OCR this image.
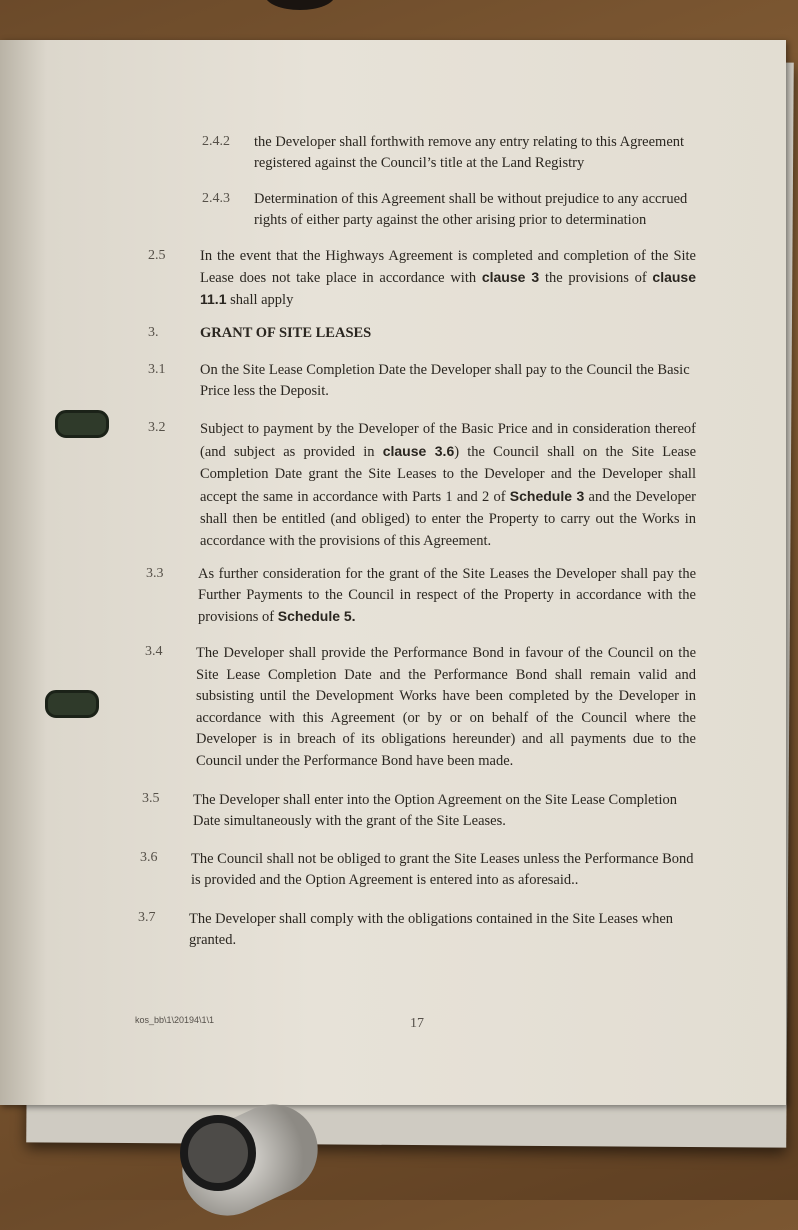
2.4.2 the Developer shall forthwith remove any entry relating to this Agreement registered against the Council’s title at the Land Registry
2.4.3 Determination of this Agreement shall be without prejudice to any accrued rights of either party against the other arising prior to determination
2.5 In the event that the Highways Agreement is completed and completion of the Site Lease does not take place in accordance with clause 3 the provisions of clause 11.1 shall apply
3.	GRANT OF SITE LEASES
3.1 On the Site Lease Completion Date the Developer shall pay to the Council the Basic Price less the Deposit.
3.2 Subject to payment by the Developer of the Basic Price and in consideration thereof (and subject as provided in clause 3.6) the Council shall on the Site Lease Completion Date grant the Site Leases to the Developer and the Developer shall accept the same in accordance with Parts 1 and 2 of Schedule 3 and the Developer shall then be entitled (and obliged) to enter the Property to carry out the Works in accordance with the provisions of this Agreement.
3.3 As further consideration for the grant of the Site Leases the Developer shall pay the Further Payments to the Council in respect of the Property in accordance with the provisions of Schedule 5.
3.4 The Developer shall provide the Performance Bond in favour of the Council on the Site Lease Completion Date and the Performance Bond shall remain valid and subsisting until the Development Works have been completed by the Developer in accordance with this Agreement (or by or on behalf of the Council where the Developer is in breach of its obligations hereunder) and all payments due to the Council under the Performance Bond have been made.
3.5 The Developer shall enter into the Option Agreement on the Site Lease Completion Date simultaneously with the grant of the Site Leases.
3.6 The Council shall not be obliged to grant the Site Leases unless the Performance Bond is provided and the Option Agreement is entered into as aforesaid..
3.7 The Developer shall comply with the obligations contained in the Site Leases when granted.
kos_bb\1\20194\1\1	17
